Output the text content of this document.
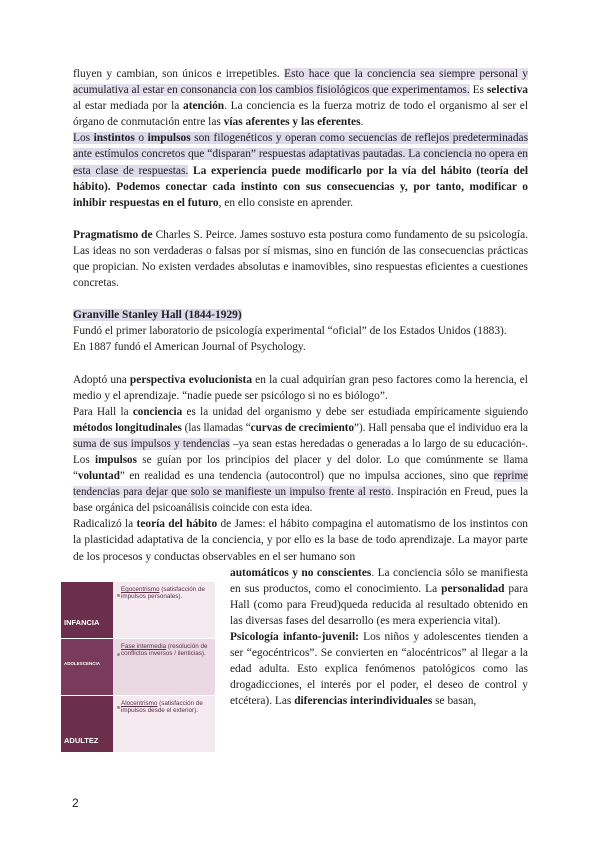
fluyen y cambian, son únicos e irrepetibles. Esto hace que la conciencia sea siempre personal y acumulativa al estar en consonancia con los cambios fisiológicos que experimentamos. Es selectiva al estar mediada por la atención. La conciencia es la fuerza motriz de todo el organismo al ser el órgano de conmutación entre las vías aferentes y las eferentes.

Los instintos o impulsos son filogenéticos y operan como secuencias de reflejos predeterminadas ante estímulos concretos que “disparan” respuestas adaptativas pautadas. La conciencia no opera en esta clase de respuestas. La experiencia puede modificarlo por la vía del hábito (teoría del hábito). Podemos conectar cada instinto con sus consecuencias y, por tanto, modificar o inhibir respuestas en el futuro, en ello consiste en aprender.

Pragmatismo de Charles S. Peirce. James sostuvo esta postura como fundamento de su psicología. Las ideas no son verdaderas o falsas por sí mismas, sino en función de las consecuencias prácticas que propician. No existen verdades absolutas e inamovibles, sino respuestas eficientes a cuestiones concretas.

Granville Stanley Hall (1844-1929)

Fundó el primer laboratorio de psicología experimental “oficial” de los Estados Unidos (1883).

En 1887 fundó el American Journal of Psychology.

Adoptó una perspectiva evolucionista en la cual adquirían gran peso factores como la herencia, el medio y el aprendizaje. “nadie puede ser psicólogo si no es biólogo”.

Para Hall la conciencia es la unidad del organismo y debe ser estudiada empíricamente siguiendo métodos longitudinales (las llamadas “curvas de crecimiento”). Hall pensaba que el individuo era la suma de sus impulsos y tendencias –ya sean estas heredadas o generadas a lo largo de su educación-. Los impulsos se guían por los principios del placer y del dolor. Lo que comúnmente se llama “voluntad” en realidad es una tendencia (autocontrol) que no impulsa acciones, sino que reprime tendencias para dejar que solo se manifieste un impulso frente al resto. Inspiración en Freud, pues la base orgánica del psicoanálisis coincide con esta idea.

Radicalizó la teoría del hábito de James: el hábito compagina el automatismo de los instintos con la plasticidad adaptativa de la conciencia, y por ello es la base de todo aprendizaje. La mayor parte de los procesos y conductas observables en el ser humano son

INFANCIA
ADOLESCENCIA
ADULTEZ
Egocentrismo (satisfacción de impulsos personales).
Fase intermedia (resolución de conflictos inversos / ilenticias).
Alocentrismo (satisfacción de impulsos desde el exterior).

automáticos y no conscientes. La conciencia sólo se manifiesta en sus productos, como el conocimiento. La personalidad para Hall (como para Freud)queda reducida al resultado obtenido en las diversas fases del desarrollo (es mera experiencia vital).

Psicología infanto-juvenil: Los niños y adolescentes tienden a ser “egocéntricos”. Se convierten en “alocéntricos” al llegar a la edad adulta. Esto explica fenómenos patológicos como las drogadicciones, el interés por el poder, el deseo de control y etcétera). Las diferencias interindividuales se basan,

2
